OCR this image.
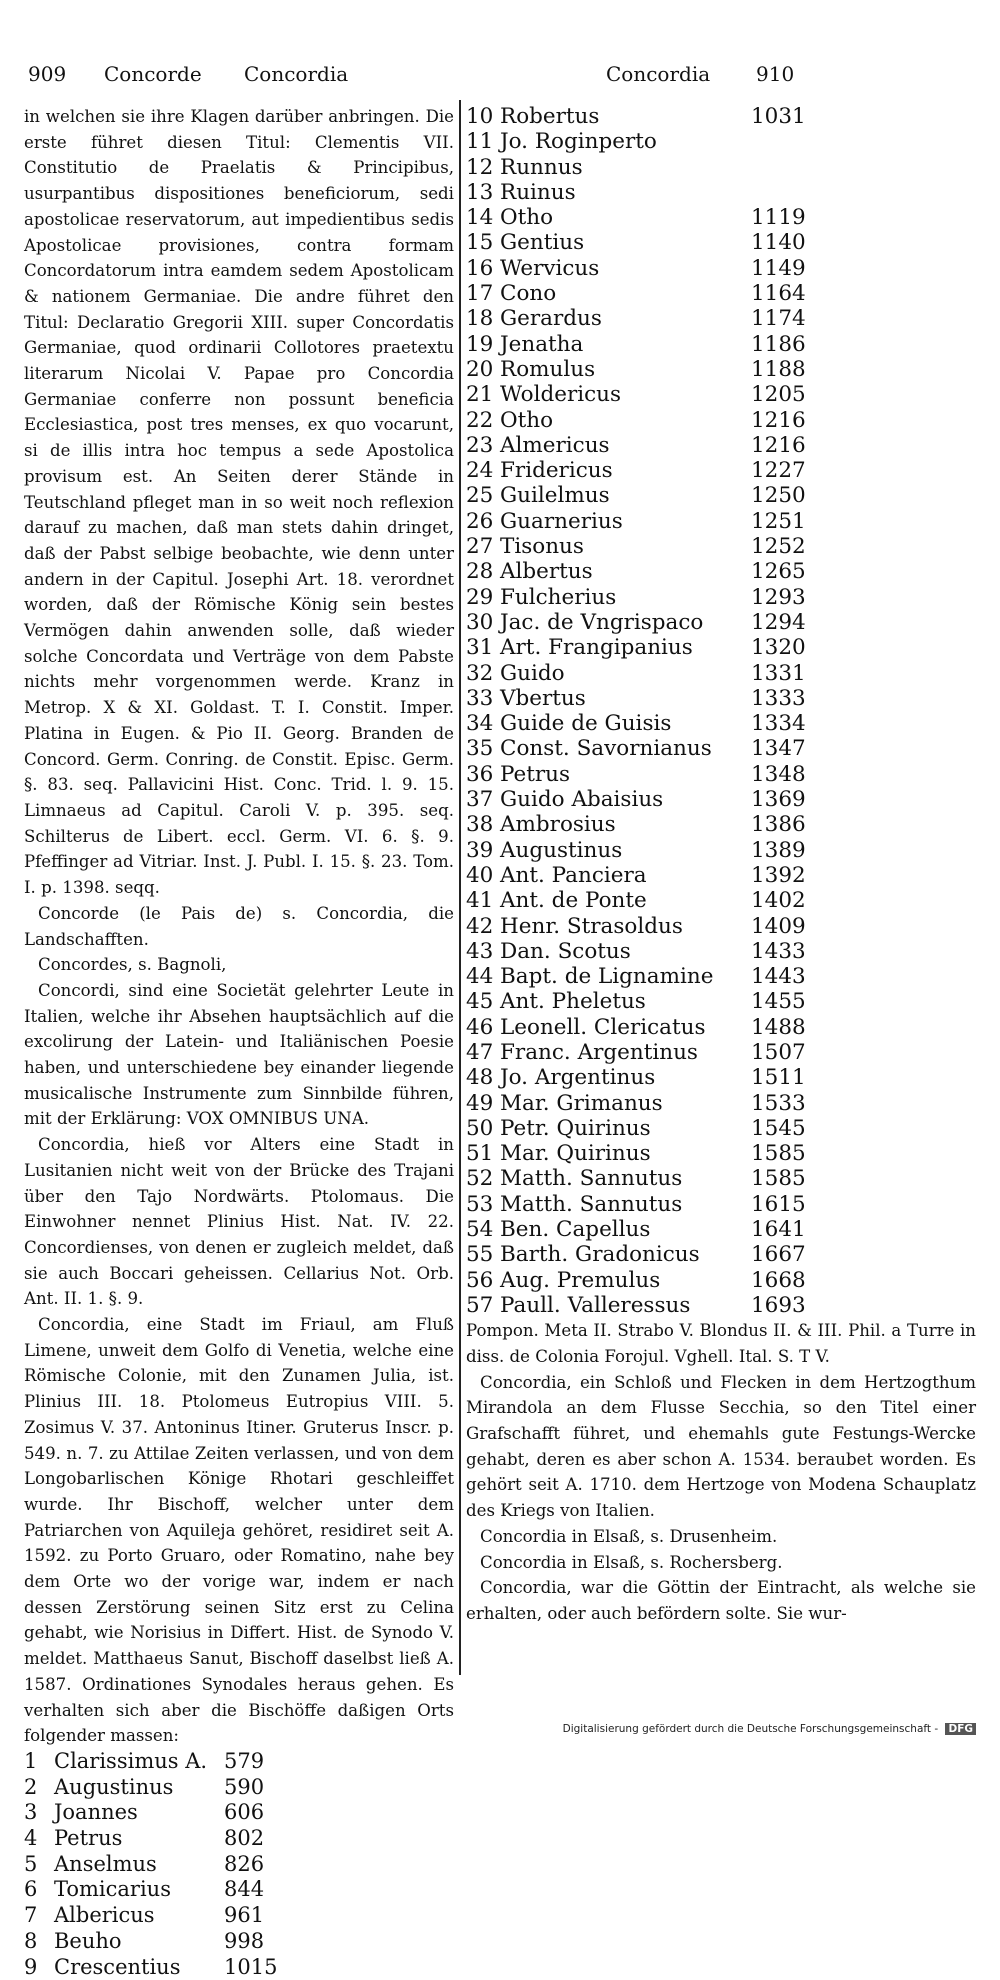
909 Concorde Concordia	Concordia 910

in welchen sie ihre Klagen darüber anbringen. Die erste führet diesen Titul: Clementis VII. Constitutio de Praelatis & Principibus, usurpantibus dispositiones beneficiorum, sedi apostolicae reservatorum, aut impedientibus sedis Apostolicae provisiones, contra formam Concordatorum intra eamdem sedem Apostolicam & nationem Germaniae. Die andre führet den Titul: Declaratio Gregorii XIII. super Concordatis Germaniae, quod ordinarii Collotores praetextu literarum Nicolai V. Papae pro Concordia Germaniae conferre non possunt beneficia Ecclesiastica, post tres menses, ex quo vocarunt, si de illis intra hoc tempus a sede Apostolica provisum est. An Seiten derer Stände in Teutschland pfleget man in so weit noch reflexion darauf zu machen, daß man stets dahin dringet, daß der Pabst selbige beobachte, wie denn unter andern in der Capitul. Josephi Art. 18. verordnet worden, daß der Römische König sein bestes Vermögen dahin anwenden solle, daß wieder solche Concordata und Verträge von dem Pabste nichts mehr vorgenommen werde. Kranz in Metrop. X & XI. Goldast. T. I. Constit. Imper. Platina in Eugen. & Pio II. Georg. Branden de Concord. Germ. Conring. de Constit. Episc. Germ. §. 83. seq. Pallavicini Hist. Conc. Trid. l. 9. 15. Limnaeus ad Capitul. Caroli V. p. 395. seq. Schilterus de Libert. eccl. Germ. VI. 6. §. 9. Pfeffinger ad Vitriar. Inst. J. Publ. I. 15. §. 23. Tom. I. p. 1398. seqq.

Concorde (le Pais de) s. Concordia, die Landschafften.

Concordes, s. Bagnoli,

Concordi, sind eine Societät gelehrter Leute in Italien, welche ihr Absehen hauptsächlich auf die excolirung der Latein- und Italiänischen Poesie haben, und unterschiedene bey einander liegende musicalische Instrumente zum Sinnbilde führen, mit der Erklärung: VOX OMNIBUS UNA.

Concordia, hieß vor Alters eine Stadt in Lusitanien nicht weit von der Brücke des Trajani über den Tajo Nordwärts. Ptolomaus. Die Einwohner nennet Plinius Hist. Nat. IV. 22. Concordienses, von denen er zugleich meldet, daß sie auch Boccari geheissen. Cellarius Not. Orb. Ant. II. 1. §. 9.

Concordia, eine Stadt im Friaul, am Fluß Limene, unweit dem Golfo di Venetia, welche eine Römische Colonie, mit den Zunamen Julia, ist. Plinius III. 18. Ptolomeus Eutropius VIII. 5. Zosimus V. 37. Antoninus Itiner. Gruterus Inscr. p. 549. n. 7. zu Attilae Zeiten verlassen, und von dem Longobarlischen Könige Rhotari geschleiffet wurde. Ihr Bischoff, welcher unter dem Patriarchen von Aquileja gehöret, residiret seit A. 1592. zu Porto Gruaro, oder Romatino, nahe bey dem Orte wo der vorige war, indem er nach dessen Zerstörung seinen Sitz erst zu Celina gehabt, wie Norisius in Differt. Hist. de Synodo V. meldet. Matthaeus Sanut, Bischoff daselbst ließ A. 1587. Ordinationes Synodales heraus gehen. Es verhalten sich aber die Bischöffe daßigen Orts folgender massen:

1 Clarissimus A. 579
2 Augustinus 590
3 Joannes	606
4 Petrus	802
5 Anselmus	826
6 Tomicarius	844
7 Albericus	961
8 Beuho	998
9 Crescentius 1015
10 Robertus	1031
11 Jo. Roginperto
12 Runnus
13 Ruinus
14 Otho	1119
15 Gentius	1140
16 Wervicus	1149
17 Cono	1164
18 Gerardus	1174
19 Jenatha	1186
20 Romulus	1188
21 Woldericus	1205
22 Otho	1216
23 Almericus	1216
24 Fridericus	1227
25 Guilelmus	1250
26 Guarnerius	1251
27 Tisonus	1252
28 Albertus	1265
29 Fulcherius	1293
30 Jac. de Vngrispaco 1294
31 Art. Frangipanius	1320
32 Guido	1331
33 Vbertus	1333
34 Guide de Guisis	1334
35 Const. Savornianus 1347
36 Petrus	1348
37 Guido Abaisius	1369
38 Ambrosius	1386
39 Augustinus	1389
40 Ant. Panciera	1392
41 Ant. de Ponte	1402
42 Henr. Strasoldus	1409
43 Dan. Scotus	1433
44 Bapt. de Lignamine 1443
45 Ant. Pheletus	1455
46 Leonell. Clericatus 1488
47 Franc. Argentinus 1507
48 Jo. Argentinus	1511
49 Mar. Grimanus	1533
50 Petr. Quirinus	1545
51 Mar. Quirinus	1585
52 Matth. Sannutus	1585
53 Matth. Sannutus	1615
54 Ben. Capellus	1641
55 Barth. Gradonicus 1667
56 Aug. Premulus	1668
57 Paull. Valleressus	1693

Pompon. Meta II. Strabo V. Blondus II. & III. Phil. a Turre in diss. de Colonia Forojul. Vghell. Ital. S. T V.

Concordia, ein Schloß und Flecken in dem Hertzogthum Mirandola an dem Flusse Secchia, so den Titel einer Grafschafft führet, und ehemahls gute Festungs-Wercke gehabt, deren es aber schon A. 1534. beraubet worden. Es gehört seit A. 1710. dem Hertzoge von Modena Schauplatz des Kriegs von Italien.

Concordia in Elsaß, s. Drusenheim.

Concordia in Elsaß, s. Rochersberg.

Concordia, war die Göttin der Eintracht, als welche sie erhalten, oder auch befördern solte. Sie wur-

Digitalisierung gefördert durch die Deutsche Forschungsgemeinschaft - DFG
